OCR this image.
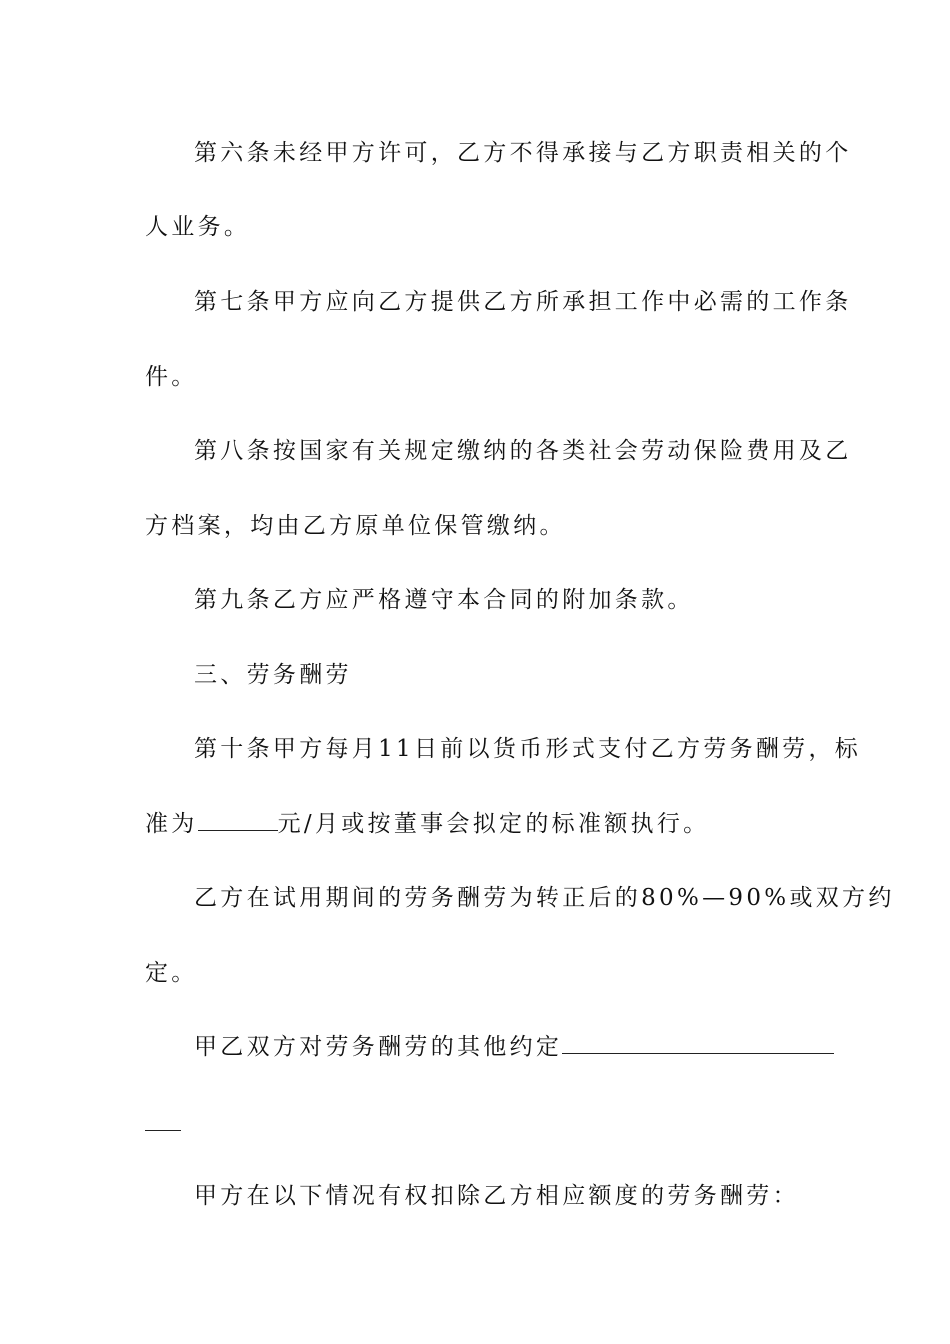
第六条未经甲方许可，乙方不得承接与乙方职责相关的个
人业务。
第七条甲方应向乙方提供乙方所承担工作中必需的工作条
件。
第八条按国家有关规定缴纳的各类社会劳动保险费用及乙
方档案，均由乙方原单位保管缴纳。
第九条乙方应严格遵守本合同的附加条款。
三、劳务酬劳
第十条甲方每月11日前以货币形式支付乙方劳务酬劳，标
准为	元/月或按董事会拟定的标准额执行。
乙方在试用期间的劳务酬劳为转正后的80%—90%或双方约
定。
甲乙双方对劳务酬劳的其他约定
甲方在以下情况有权扣除乙方相应额度的劳务酬劳：
